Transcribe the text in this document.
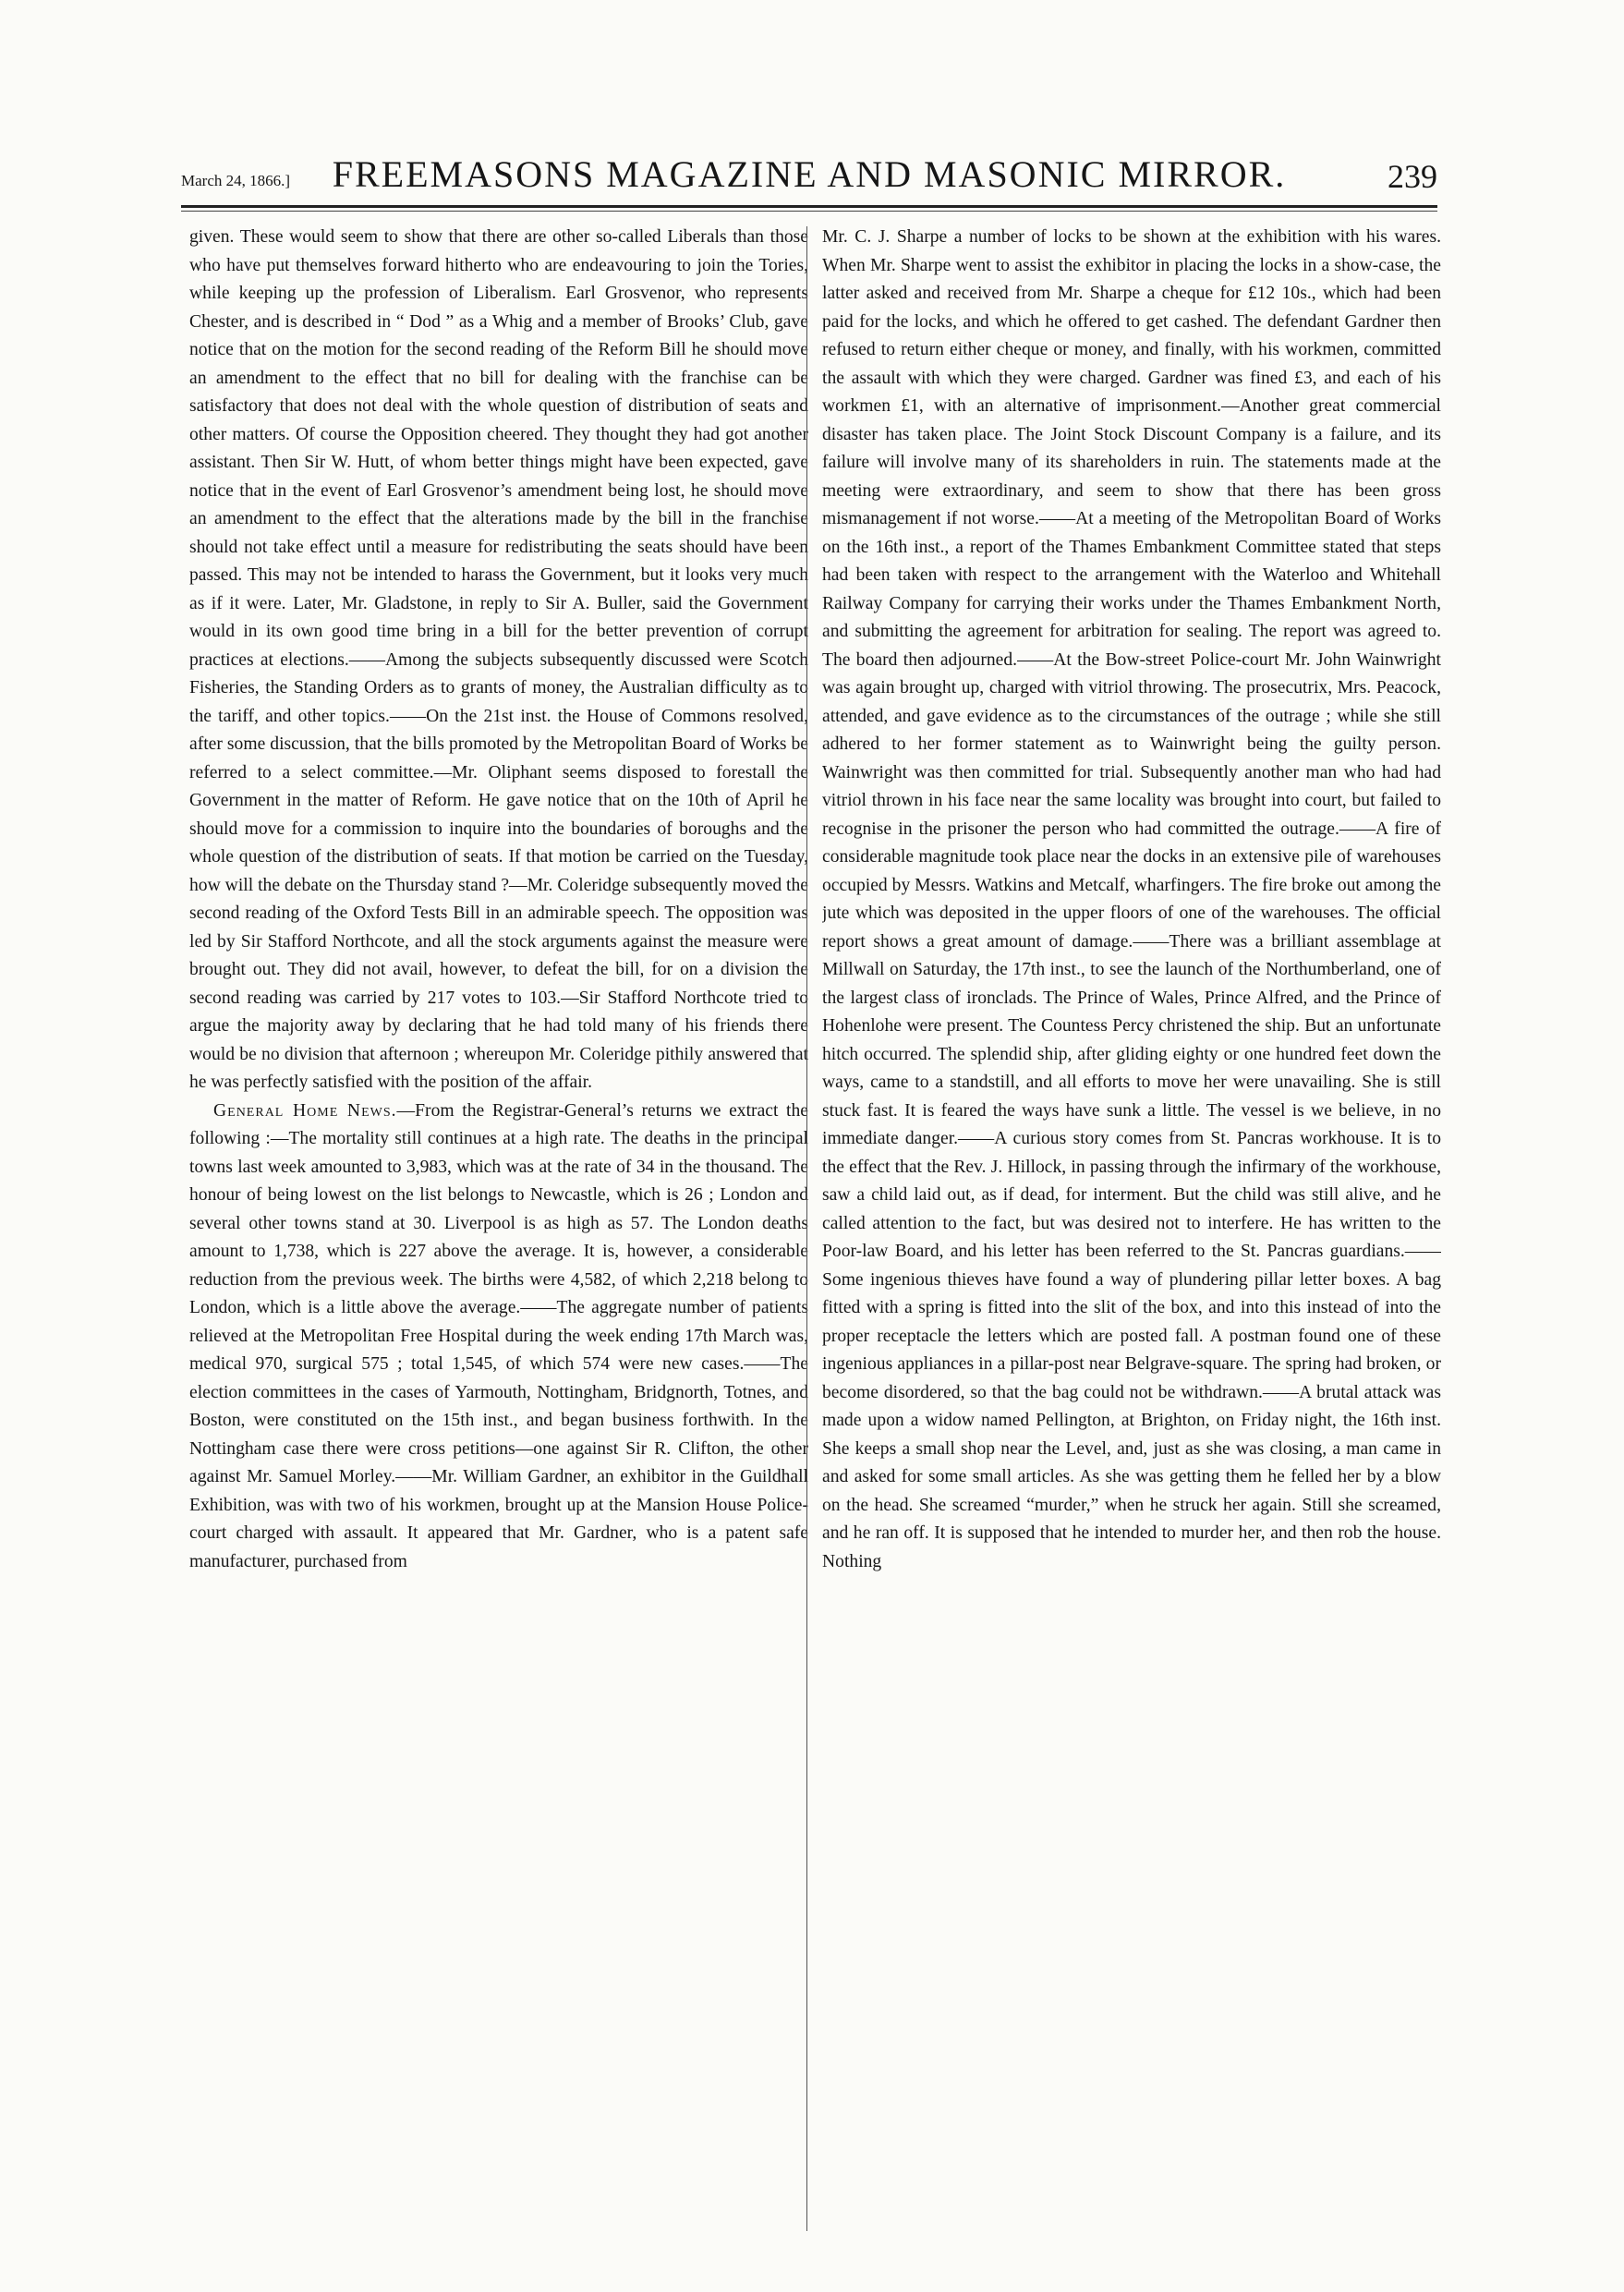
March 24, 1866.]	FREEMASONS MAGAZINE AND MASONIC MIRROR.	239

given. These would seem to show that there are other so-called Liberals than those who have put themselves forward hitherto who are endeavouring to join the Tories, while keeping up the profession of Liberalism. Earl Grosvenor, who represents Chester, and is described in “ Dod ” as a Whig and a member of Brooks’ Club, gave notice that on the motion for the second reading of the Reform Bill he should move an amendment to the effect that no bill for dealing with the franchise can be satisfactory that does not deal with the whole question of distribution of seats and other matters. Of course the Opposition cheered. They thought they had got another assistant. Then Sir W. Hutt, of whom better things might have been expected, gave notice that in the event of Earl Grosvenor’s amendment being lost, he should move an amendment to the effect that the alterations made by the bill in the franchise should not take effect until a measure for redistributing the seats should have been passed. This may not be intended to harass the Government, but it looks very much as if it were. Later, Mr. Gladstone, in reply to Sir A. Buller, said the Government would in its own good time bring in a bill for the better prevention of corrupt practices at elections.——Among the subjects subsequently discussed were Scotch Fisheries, the Standing Orders as to grants of money, the Australian difficulty as to the tariff, and other topics.——On the 21st inst. the House of Commons resolved, after some discussion, that the bills promoted by the Metropolitan Board of Works be referred to a select committee.—Mr. Oliphant seems disposed to forestall the Government in the matter of Reform. He gave notice that on the 10th of April he should move for a commission to inquire into the boundaries of boroughs and the whole question of the distribution of seats. If that motion be carried on the Tuesday, how will the debate on the Thursday stand ?—Mr. Coleridge subsequently moved the second reading of the Oxford Tests Bill in an admirable speech. The opposition was led by Sir Stafford Northcote, and all the stock arguments against the measure were brought out. They did not avail, however, to defeat the bill, for on a division the second reading was carried by 217 votes to 103.—Sir Stafford Northcote tried to argue the majority away by declaring that he had told many of his friends there would be no division that afternoon ; whereupon Mr. Coleridge pithily answered that he was perfectly satisfied with the position of the affair.

General Home News.—From the Registrar-General’s returns we extract the following :—The mortality still continues at a high rate. The deaths in the principal towns last week amounted to 3,983, which was at the rate of 34 in the thousand. The honour of being lowest on the list belongs to Newcastle, which is 26 ; London and several other towns stand at 30. Liverpool is as high as 57. The London deaths amount to 1,738, which is 227 above the average. It is, however, a considerable reduction from the previous week. The births were 4,582, of which 2,218 belong to London, which is a little above the average.——The aggregate number of patients relieved at the Metropolitan Free Hospital during the week ending 17th March was, medical 970, surgical 575 ; total 1,545, of which 574 were new cases.——The election committees in the cases of Yarmouth, Nottingham, Bridgnorth, Totnes, and Boston, were constituted on the 15th inst., and began business forthwith. In the Nottingham case there were cross petitions—one against Sir R. Clifton, the other against Mr. Samuel Morley.——Mr. William Gardner, an exhibitor in the Guildhall Exhibition, was with two of his workmen, brought up at the Mansion House Police-court charged with assault. It appeared that Mr. Gardner, who is a patent safe manufacturer, purchased from

Mr. C. J. Sharpe a number of locks to be shown at the exhibition with his wares. When Mr. Sharpe went to assist the exhibitor in placing the locks in a show-case, the latter asked and received from Mr. Sharpe a cheque for £12 10s., which had been paid for the locks, and which he offered to get cashed. The defendant Gardner then refused to return either cheque or money, and finally, with his workmen, committed the assault with which they were charged. Gardner was fined £3, and each of his workmen £1, with an alternative of imprisonment.—Another great commercial disaster has taken place. The Joint Stock Discount Company is a failure, and its failure will involve many of its shareholders in ruin. The statements made at the meeting were extraordinary, and seem to show that there has been gross mismanagement if not worse.——At a meeting of the Metropolitan Board of Works on the 16th inst., a report of the Thames Embankment Committee stated that steps had been taken with respect to the arrangement with the Waterloo and Whitehall Railway Company for carrying their works under the Thames Embankment North, and submitting the agreement for arbitration for sealing. The report was agreed to. The board then adjourned.——At the Bow-street Police-court Mr. John Wainwright was again brought up, charged with vitriol throwing. The prosecutrix, Mrs. Peacock, attended, and gave evidence as to the circumstances of the outrage ; while she still adhered to her former statement as to Wainwright being the guilty person. Wainwright was then committed for trial. Subsequently another man who had had vitriol thrown in his face near the same locality was brought into court, but failed to recognise in the prisoner the person who had committed the outrage.——A fire of considerable magnitude took place near the docks in an extensive pile of warehouses occupied by Messrs. Watkins and Metcalf, wharfingers. The fire broke out among the jute which was deposited in the upper floors of one of the warehouses. The official report shows a great amount of damage.——There was a brilliant assemblage at Millwall on Saturday, the 17th inst., to see the launch of the Northumberland, one of the largest class of ironclads. The Prince of Wales, Prince Alfred, and the Prince of Hohenlohe were present. The Countess Percy christened the ship. But an unfortunate hitch occurred. The splendid ship, after gliding eighty or one hundred feet down the ways, came to a standstill, and all efforts to move her were unavailing. She is still stuck fast. It is feared the ways have sunk a little. The vessel is we believe, in no immediate danger.——A curious story comes from St. Pancras workhouse. It is to the effect that the Rev. J. Hillock, in passing through the infirmary of the workhouse, saw a child laid out, as if dead, for interment. But the child was still alive, and he called attention to the fact, but was desired not to interfere. He has written to the Poor-law Board, and his letter has been referred to the St. Pancras guardians.——Some ingenious thieves have found a way of plundering pillar letter boxes. A bag fitted with a spring is fitted into the slit of the box, and into this instead of into the proper receptacle the letters which are posted fall. A postman found one of these ingenious appliances in a pillar-post near Belgrave-square. The spring had broken, or become disordered, so that the bag could not be withdrawn.——A brutal attack was made upon a widow named Pellington, at Brighton, on Friday night, the 16th inst. She keeps a small shop near the Level, and, just as she was closing, a man came in and asked for some small articles. As she was getting them he felled her by a blow on the head. She screamed “murder,” when he struck her again. Still she screamed, and he ran off. It is supposed that he intended to murder her, and then rob the house. Nothing
